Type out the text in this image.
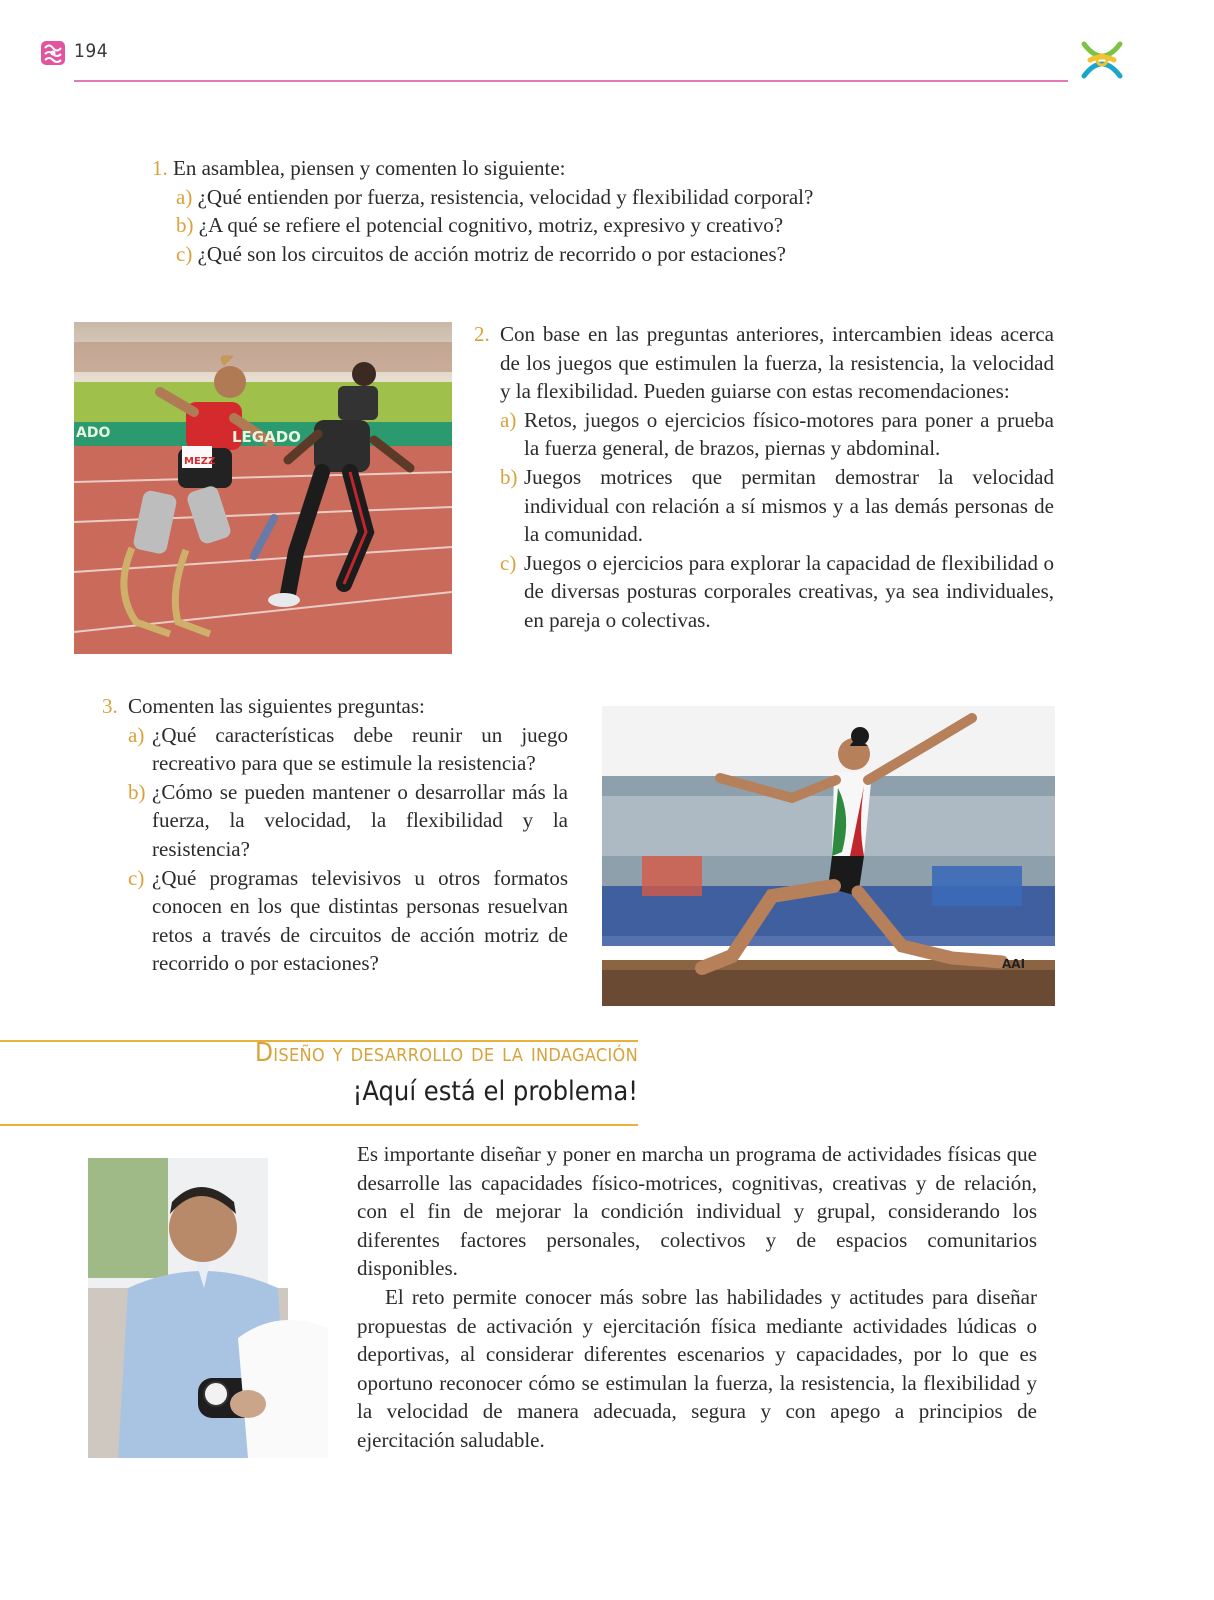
194
1. En asamblea, piensen y comenten lo siguiente:
a) ¿Qué entienden por fuerza, resistencia, velocidad y flexibilidad corporal?
b) ¿A qué se refiere el potencial cognitivo, motriz, expresivo y creativo?
c) ¿Qué son los circuitos de acción motriz de recorrido o por estaciones?
ADO	LEGADO
MEZZ
2. Con base en las preguntas anteriores, intercambien ideas acerca de los juegos que estimulen la fuerza, la resistencia, la velocidad y la flexibilidad. Pueden guiarse con estas recomendaciones:
a) Retos, juegos o ejercicios físico-motores para poner a prueba la fuerza general, de brazos, piernas y abdominal.
b) Juegos motrices que permitan demostrar la velocidad individual con relación a sí mismos y a las demás personas de la comunidad.
c) Juegos o ejercicios para explorar la capacidad de flexibilidad o de diversas posturas corporales creativas, ya sea individuales, en pareja o colectivas.
3. Comenten las siguientes preguntas:
a) ¿Qué características debe reunir un juego recreativo para que se estimule la resistencia?
b) ¿Cómo se pueden mantener o desarrollar más la fuerza, la velocidad, la flexibilidad y la resistencia?
c) ¿Qué programas televisivos u otros formatos conocen en los que distintas personas resuelvan retos a través de circuitos de acción motriz de recorrido o por estaciones?	AAI
Diseño y desarrollo de la indagación
¡Aquí está el problema!

Es importante diseñar y poner en marcha un programa de actividades físicas que desarrolle las capacidades físico-motrices, cognitivas, creativas y de relación, con el fin de mejorar la condición individual y grupal, considerando los diferentes factores personales, colectivos y de espacios comunitarios disponibles.

El reto permite conocer más sobre las habilidades y actitudes para diseñar propuestas de activación y ejercitación física mediante actividades lúdicas o deportivas, al considerar diferentes escenarios y capacidades, por lo que es oportuno reconocer cómo se estimulan la fuerza, la resistencia, la flexibilidad y la velocidad de manera adecuada, segura y con apego a principios de ejercitación saludable.
